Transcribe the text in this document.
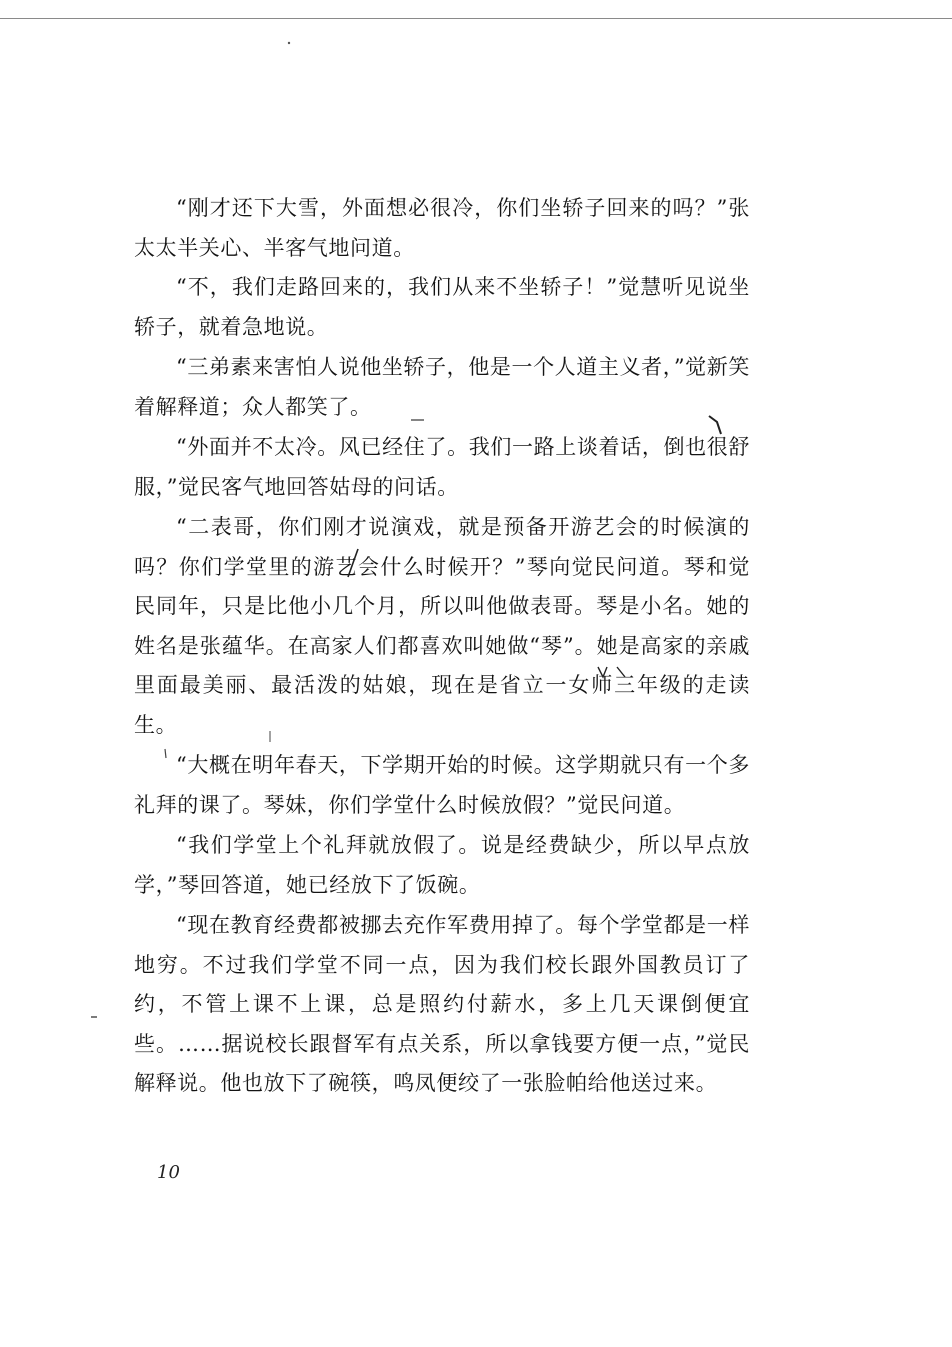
“刚才还下大雪，外面想必很冷，你们坐轿子回来的吗？”张太太半关心、半客气地问道。

“不，我们走路回来的，我们从来不坐轿子！”觉慧听见说坐轿子，就着急地说。

“三弟素来害怕人说他坐轿子，他是一个人道主义者，”觉新笑着解释道；众人都笑了。

“外面并不太冷。风已经住了。我们一路上谈着话，倒也很舒服，”觉民客气地回答姑母的问话。

“二表哥，你们刚才说演戏，就是预备开游艺会的时候演的吗？你们学堂里的游艺会什么时候开？”琴向觉民问道。琴和觉民同年，只是比他小几个月，所以叫他做表哥。琴是小名。她的姓名是张蕴华。在高家人们都喜欢叫她做“琴”。她是高家的亲戚里面最美丽、最活泼的姑娘，现在是省立一女师三年级的走读生。

“大概在明年春天，下学期开始的时候。这学期就只有一个多礼拜的课了。琴妹，你们学堂什么时候放假？”觉民问道。

“我们学堂上个礼拜就放假了。说是经费缺少，所以早点放学，”琴回答道，她已经放下了饭碗。

“现在教育经费都被挪去充作军费用掉了。每个学堂都是一样地穷。不过我们学堂不同一点，因为我们校长跟外国教员订了约，不管上课不上课，总是照约付薪水，多上几天课倒便宜些。……据说校长跟督军有点关系，所以拿钱要方便一点，”觉民解释说。他也放下了碗筷，鸣凤便绞了一张脸帕给他送过来。

10
